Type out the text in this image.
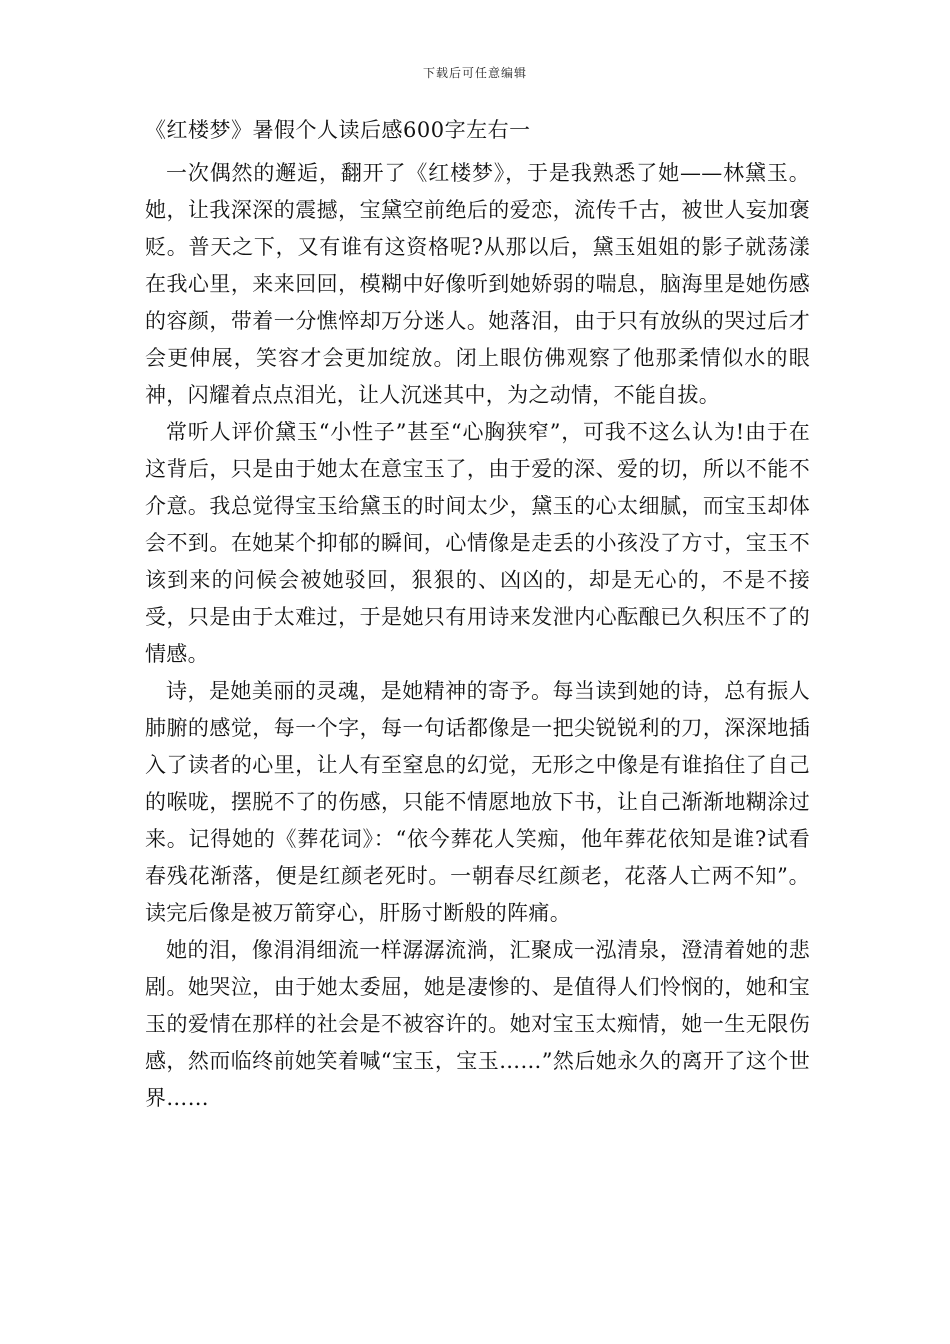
下载后可任意编辑
《红楼梦》暑假个人读后感600字左右一

一次偶然的邂逅，翻开了《红楼梦》，于是我熟悉了她——林黛玉。她，让我深深的震撼，宝黛空前绝后的爱恋，流传千古，被世人妄加褒贬。普天之下，又有谁有这资格呢?从那以后，黛玉姐姐的影子就荡漾在我心里，来来回回，模糊中好像听到她娇弱的喘息，脑海里是她伤感的容颜，带着一分憔悴却万分迷人。她落泪，由于只有放纵的哭过后才会更伸展，笑容才会更加绽放。闭上眼仿佛观察了他那柔情似水的眼神，闪耀着点点泪光，让人沉迷其中，为之动情，不能自拔。

常听人评价黛玉“小性子”甚至“心胸狭窄”，可我不这么认为!由于在这背后，只是由于她太在意宝玉了，由于爱的深、爱的切，所以不能不介意。我总觉得宝玉给黛玉的时间太少，黛玉的心太细腻，而宝玉却体会不到。在她某个抑郁的瞬间，心情像是走丢的小孩没了方寸，宝玉不该到来的问候会被她驳回，狠狠的、凶凶的，却是无心的，不是不接受，只是由于太难过，于是她只有用诗来发泄内心酝酿已久积压不了的情感。

诗，是她美丽的灵魂，是她精神的寄予。每当读到她的诗，总有振人肺腑的感觉，每一个字，每一句话都像是一把尖锐锐利的刀，深深地插入了读者的心里，让人有至窒息的幻觉，无形之中像是有谁掐住了自己的喉咙，摆脱不了的伤感，只能不情愿地放下书，让自己渐渐地糊涂过来。记得她的《葬花词》：“依今葬花人笑痴，他年葬花依知是谁?试看春残花渐落，便是红颜老死时。一朝春尽红颜老，花落人亡两不知”。读完后像是被万箭穿心，肝肠寸断般的阵痛。

她的泪，像涓涓细流一样潺潺流淌，汇聚成一泓清泉，澄清着她的悲剧。她哭泣，由于她太委屈，她是凄惨的、是值得人们怜悯的，她和宝玉的爱情在那样的社会是不被容许的。她对宝玉太痴情，她一生无限伤感，然而临终前她笑着喊“宝玉，宝玉……”然后她永久的离开了这个世界……
